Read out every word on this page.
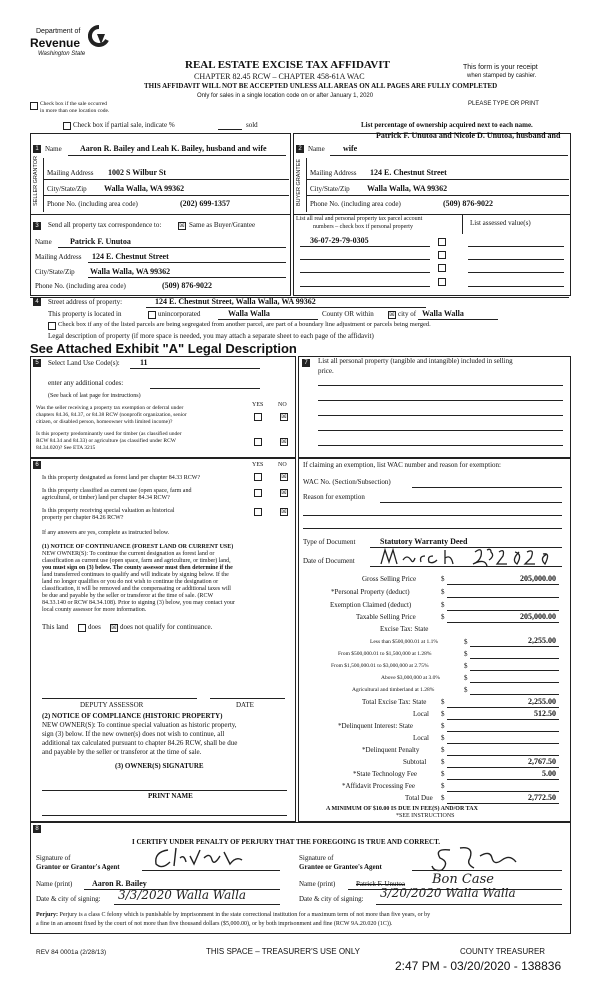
Department of
Revenue
Washington State
REAL ESTATE EXCISE TAX AFFIDAVIT	This form is your receipt
when stamped by cashier.
CHAPTER 82.45 RCW – CHAPTER 458-61A WAC
THIS AFFIDAVIT WILL NOT BE ACCEPTED UNLESS ALL AREAS ON ALL PAGES ARE FULLY COMPLETED
Only for sales in a single location code on or after January 1, 2020
PLEASE TYPE OR PRINT
Check box if the sale occurred
in more than one location code.
Check box if partial sale, indicate %	sold	List percentage of ownership acquired next to each name.
1	2
Name Aaron R. Bailey and Leah K. Bailey, husband and wife
SELLER GRANTOR Mailing Address 1002 S Wilbur St
City/State/Zip Walla Walla, WA 99362
Phone No. (including area code)	(202) 699-1357
Patrick F. Unutoa and Nicole D. Unutoa, husband and
Name wife
BUYER GRANTEE Mailing Address 124 E. Chestnut Street
City/State/Zip Walla Walla, WA 99362
Phone No. (including area code)	(509) 876-9022
3	Send all property tax correspondence to:	☒ Same as Buyer/Grantee
Name Patrick F. Unutoa
Mailing Address 124 E. Chestnut Street
City/State/Zip Walla Walla, WA 99362
Phone No. (including area code)	(509) 876-9022
List all real and personal property tax parcel account
numbers – check box if personal property	List assessed value(s)
36-07-29-79-0305
4	Street address of property:	124 E. Chestnut Street, Walla Walla, WA 99362
This property is located in	unincorporated	Walla Walla	County OR within	☒ city of Walla Walla
Check box if any of the listed parcels are being segregated from another parcel, are part of a boundary line adjustment or parcels being merged.
Legal description of property (if more space is needed, you may attach a separate sheet to each page of the affidavit)
See Attached Exhibit "A" Legal Description
5	Select Land Use Code(s):	11
enter any additional codes:
(See back of last page for instructions)
YES NO
Was the seller receiving a property tax exemption or deferral under
chapters 84.36, 84.37, or 84.38 RCW (nonprofit organization, senior
citizen, or disabled person, homeowner with limited income)?
☒
Is this property predominantly used for timber (as classified under
RCW 84.34 and 84.33) or agriculture (as classified under RCW
84.34.020)? See ETA 3215
☒
7	List all personal property (tangible and intangible) included in selling
price.
6	YES NO
Is this property designated as forest land per chapter 84.33 RCW?	☒
Is this property classified as current use (open space, farm and
agricultural, or timber) land per chapter 84.34 RCW?
☒
Is this property receiving special valuation as historical
property per chapter 84.26 RCW?
☒
If any answers are yes, complete as instructed below.
(1) NOTICE OF CONTINUANCE (FOREST LAND OR CURRENT USE)
NEW OWNER(S): To continue the current designation as forest land or
classification as current use (open space, farm and agriculture, or timber) land,
you must sign on (3) below. The county assessor must then determine if the
land transferred continues to qualify and will indicate by signing below. If the
land no longer qualifies or you do not wish to continue the designation or
classification, it will be removed and the compensating or additional taxes will
be due and payable by the seller or transferor at the time of sale. (RCW
84.33.140 or RCW 84.34.108). Prior to signing (3) below, you may contact your
local county assessor for more information.
This land	does ☒ does not qualify for continuance.
DEPUTY ASSESSOR	DATE
(2) NOTICE OF COMPLIANCE (HISTORIC PROPERTY)
NEW OWNER(S): To continue special valuation as historic property,
sign (3) below. If the new owner(s) does not wish to continue, all
additional tax calculated pursuant to chapter 84.26 RCW, shall be due
and payable by the seller or transferor at the time of sale.
(3) OWNER(S) SIGNATURE
PRINT NAME
If claiming an exemption, list WAC number and reason for exemption:
WAC No. (Section/Subsection)
Reason for exemption
Type of Document	Statutory Warranty Deed
Date of Document
Gross Selling Price	$	205,000.00
*Personal Property (deduct)	$
Exemption Claimed (deduct)	$
Taxable Selling Price	$	205,000.00
Excise Tax: State
Less than $500,000.01 at 1.1%	$	2,255.00
From $500,000.01 to $1,500,000 at 1.28%	$
From $1,500,000.01 to $3,000,000 at 2.75%	$
Above $3,000,000 at 3.0%	$
Agricultural and timberland at 1.28%	$
Total Excise Tax: State $	2,255.00
Local $	512.50
*Delinquent Interest: State	$
Local $
*Delinquent Penalty	$
Subtotal $	2,767.50
*State Technology Fee	$	5.00
*Affidavit Processing Fee	$
Total Due $	2,772.50
A MINIMUM OF $10.00 IS DUE IN FEE(S) AND/OR TAX
*SEE INSTRUCTIONS
8
I CERTIFY UNDER PENALTY OF PERJURY THAT THE FOREGOING IS TRUE AND CORRECT.
Signature of
Grantor or Grantor's Agent
Signature of
Grantee or Grantee's Agent
Name (print) Aaron R. Bailey	Name (print)	Patrick F. Unutoa Bon Case
Date & city of signing: 3/3/2020 Walla Walla	Date & city of signing: 3/20/2020 Walla Walla
Perjury: Perjury is a class C felony which is punishable by imprisonment in the state correctional institution for a maximum term of not more than five years, or by
a fine in an amount fixed by the court of not more than five thousand dollars ($5,000.00), or by both imprisonment and fine (RCW 9A.20.020 (1C)).
REV 84 0001a (2/28/13)	THIS SPACE – TREASURER'S USE ONLY	COUNTY TREASURER
2:47 PM - 03/20/2020 - 138836
